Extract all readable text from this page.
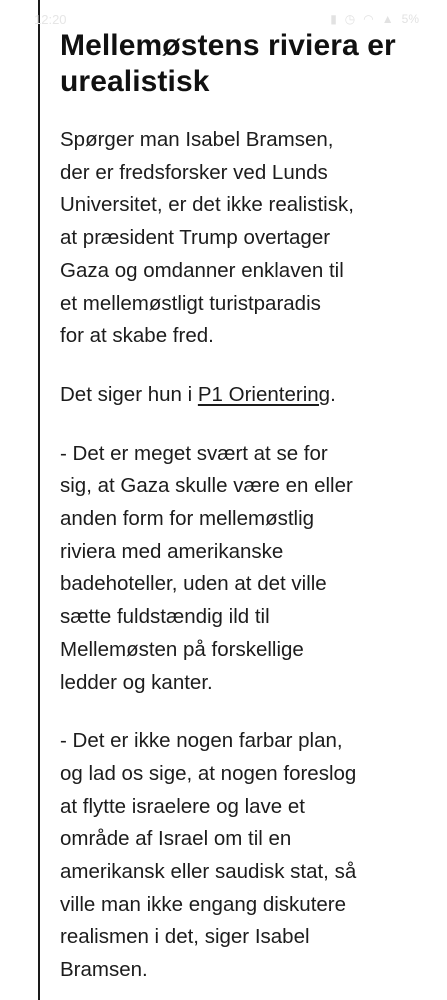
12:20	▮ ◷ ◠ ▲ 5%
Mellemøstens riviera er
urealistisk

Spørger man Isabel Bramsen,
der er fredsforsker ved Lunds
Universitet, er det ikke realistisk,
at præsident Trump overtager
Gaza og omdanner enklaven til
et mellemøstligt turistparadis
for at skabe fred.

Det siger hun i P1 Orientering.

- Det er meget svært at se for
sig, at Gaza skulle være en eller
anden form for mellemøstlig
riviera med amerikanske
badehoteller, uden at det ville
sætte fuldstændig ild til
Mellemøsten på forskellige
ledder og kanter.

- Det er ikke nogen farbar plan,
og lad os sige, at nogen foreslog
at flytte israelere og lave et
område af Israel om til en
amerikansk eller saudisk stat, så
ville man ikke engang diskutere
realismen i det, siger Isabel
Bramsen.
